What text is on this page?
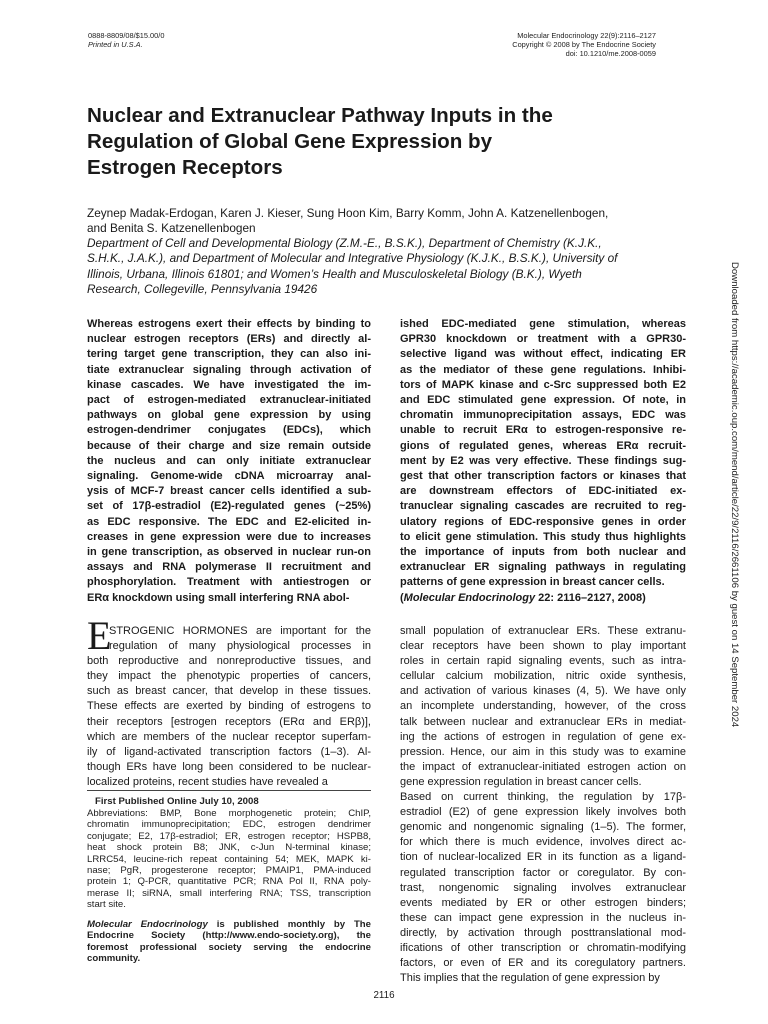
0888-8809/08/$15.00/0
Printed in U.S.A.
Molecular Endocrinology 22(9):2116–2127
Copyright © 2008 by The Endocrine Society
doi: 10.1210/me.2008-0059
Nuclear and Extranuclear Pathway Inputs in the
Regulation of Global Gene Expression by
Estrogen Receptors
Zeynep Madak-Erdogan, Karen J. Kieser, Sung Hoon Kim, Barry Komm, John A. Katzenellenbogen,
and Benita S. Katzenellenbogen
Department of Cell and Developmental Biology (Z.M.-E., B.S.K.), Department of Chemistry (K.J.K.,
S.H.K., J.A.K.), and Department of Molecular and Integrative Physiology (K.J.K., B.S.K.), University of
Illinois, Urbana, Illinois 61801; and Women’s Health and Musculoskeletal Biology (B.K.), Wyeth
Research, Collegeville, Pennsylvania 19426
Whereas estrogens exert their effects by binding to
nuclear estrogen receptors (ERs) and directly al-
tering target gene transcription, they can also ini-
tiate extranuclear signaling through activation of
kinase cascades. We have investigated the im-
pact of estrogen-mediated extranuclear-initiated
pathways on global gene expression by using
estrogen-dendrimer conjugates (EDCs), which
because of their charge and size remain outside
the nucleus and can only initiate extranuclear
signaling. Genome-wide cDNA microarray anal-
ysis of MCF-7 breast cancer cells identified a sub-
set of 17β-estradiol (E2)-regulated genes (~25%)
as EDC responsive. The EDC and E2-elicited in-
creases in gene expression were due to increases
in gene transcription, as observed in nuclear run-on
assays and RNA polymerase II recruitment and
phosphorylation. Treatment with antiestrogen or
ERα knockdown using small interfering RNA abol-
ished EDC-mediated gene stimulation, whereas
GPR30 knockdown or treatment with a GPR30-
selective ligand was without effect, indicating ER
as the mediator of these gene regulations. Inhibi-
tors of MAPK kinase and c-Src suppressed both E2
and EDC stimulated gene expression. Of note, in
chromatin immunoprecipitation assays, EDC was
unable to recruit ERα to estrogen-responsive re-
gions of regulated genes, whereas ERα recruit-
ment by E2 was very effective. These findings sug-
gest that other transcription factors or kinases that
are downstream effectors of EDC-initiated ex-
tranuclear signaling cascades are recruited to reg-
ulatory regions of EDC-responsive genes in order
to elicit gene stimulation. This study thus highlights
the importance of inputs from both nuclear and
extranuclear ER signaling pathways in regulating
patterns of gene expression in breast cancer cells.
(Molecular Endocrinology 22: 2116–2127, 2008)
E
STROGENIC HORMONES are important for the
regulation of many physiological processes in
both reproductive and nonreproductive tissues, and
they impact the phenotypic properties of cancers,
such as breast cancer, that develop in these tissues.
These effects are exerted by binding of estrogens to
their receptors [estrogen receptors (ERα and ERβ)],
which are members of the nuclear receptor superfam-
ily of ligand-activated transcription factors (1–3). Al-
though ERs have long been considered to be nuclear-
localized proteins, recent studies have revealed a
First Published Online July 10, 2008
Abbreviations: BMP, Bone morphogenetic protein; ChIP,
chromatin immunoprecipitation; EDC, estrogen dendrimer
conjugate; E2, 17β-estradiol; ER, estrogen receptor; HSPB8,
heat shock protein B8; JNK, c-Jun N-terminal kinase;
LRRC54, leucine-rich repeat containing 54; MEK, MAPK ki-
nase; PgR, progesterone receptor; PMAIP1, PMA-induced
protein 1; Q-PCR, quantitative PCR; RNA Pol II, RNA poly-
merase II; siRNA, small interfering RNA; TSS, transcription
start site.
Molecular Endocrinology is published monthly by The
Endocrine Society (http://www.endo-society.org), the
foremost professional society serving the endocrine
community.
small population of extranuclear ERs. These extranu-
clear receptors have been shown to play important
roles in certain rapid signaling events, such as intra-
cellular calcium mobilization, nitric oxide synthesis,
and activation of various kinases (4, 5). We have only
an incomplete understanding, however, of the cross
talk between nuclear and extranuclear ERs in mediat-
ing the actions of estrogen in regulation of gene ex-
pression. Hence, our aim in this study was to examine
the impact of extranuclear-initiated estrogen action on
gene expression regulation in breast cancer cells.
Based on current thinking, the regulation by 17β-
estradiol (E2) of gene expression likely involves both
genomic and nongenomic signaling (1–5). The former,
for which there is much evidence, involves direct ac-
tion of nuclear-localized ER in its function as a ligand-
regulated transcription factor or coregulator. By con-
trast, nongenomic signaling involves extranuclear
events mediated by ER or other estrogen binders;
these can impact gene expression in the nucleus in-
directly, by activation through posttranslational mod-
ifications of other transcription or chromatin-modifying
factors, or even of ER and its coregulatory partners.
This implies that the regulation of gene expression by
2116
Downloaded from https://academic.oup.com/mend/article/22/9/2116/2661106 by guest on 14 September 2024
